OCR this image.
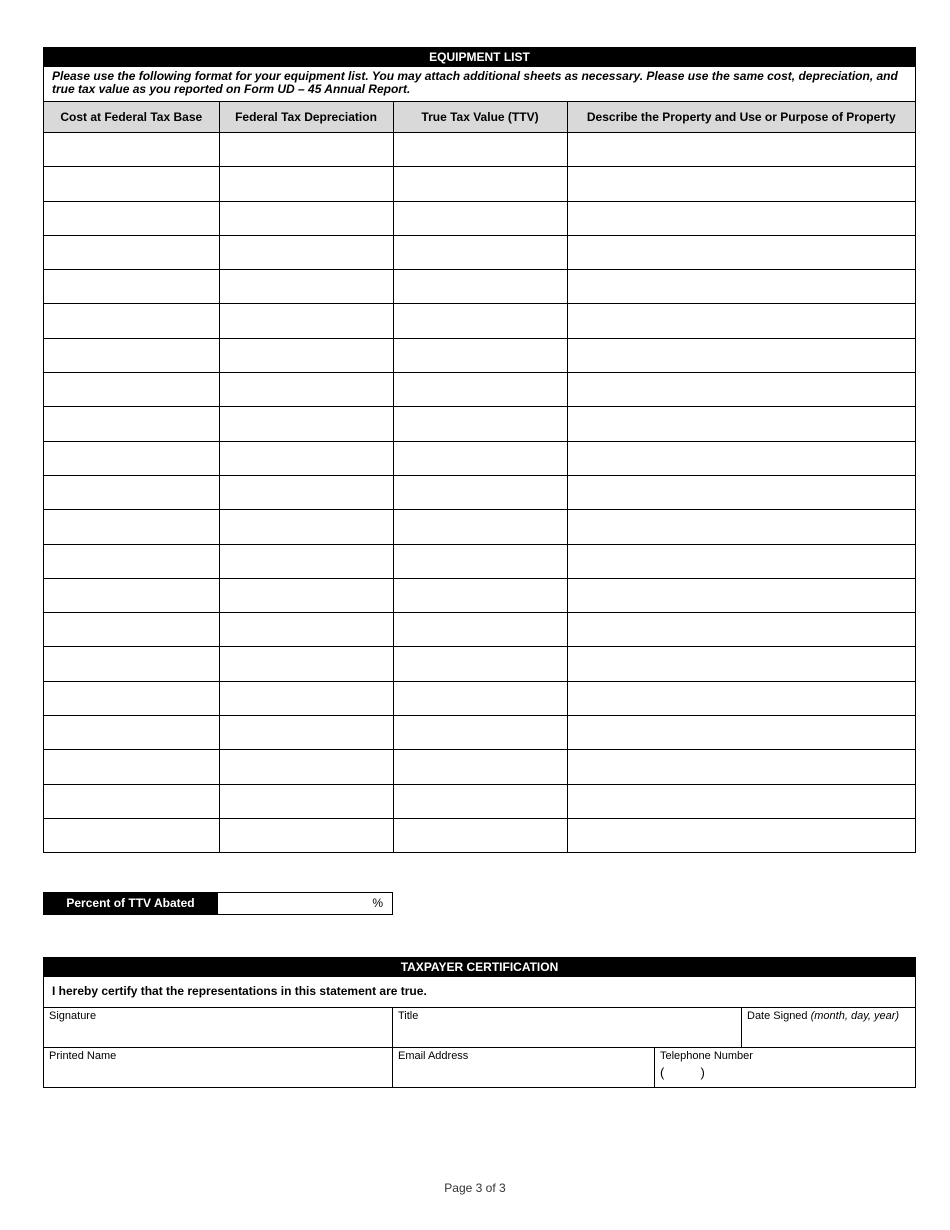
EQUIPMENT LIST
Please use the following format for your equipment list. You may attach additional sheets as necessary. Please use the same cost, depreciation, and true tax value as you reported on Form UD – 45 Annual Report.
Cost at Federal Tax Base	Federal Tax Depreciation	True Tax Value (TTV)	Describe the Property and Use or Purpose of Property

Percent of TTV Abated	%
TAXPAYER CERTIFICATION
I hereby certify that the representations in this statement are true.
Signature	Title	Date Signed (month, day, year)
Printed Name	Email Address	Telephone Number
(          )
Page 3 of 3
